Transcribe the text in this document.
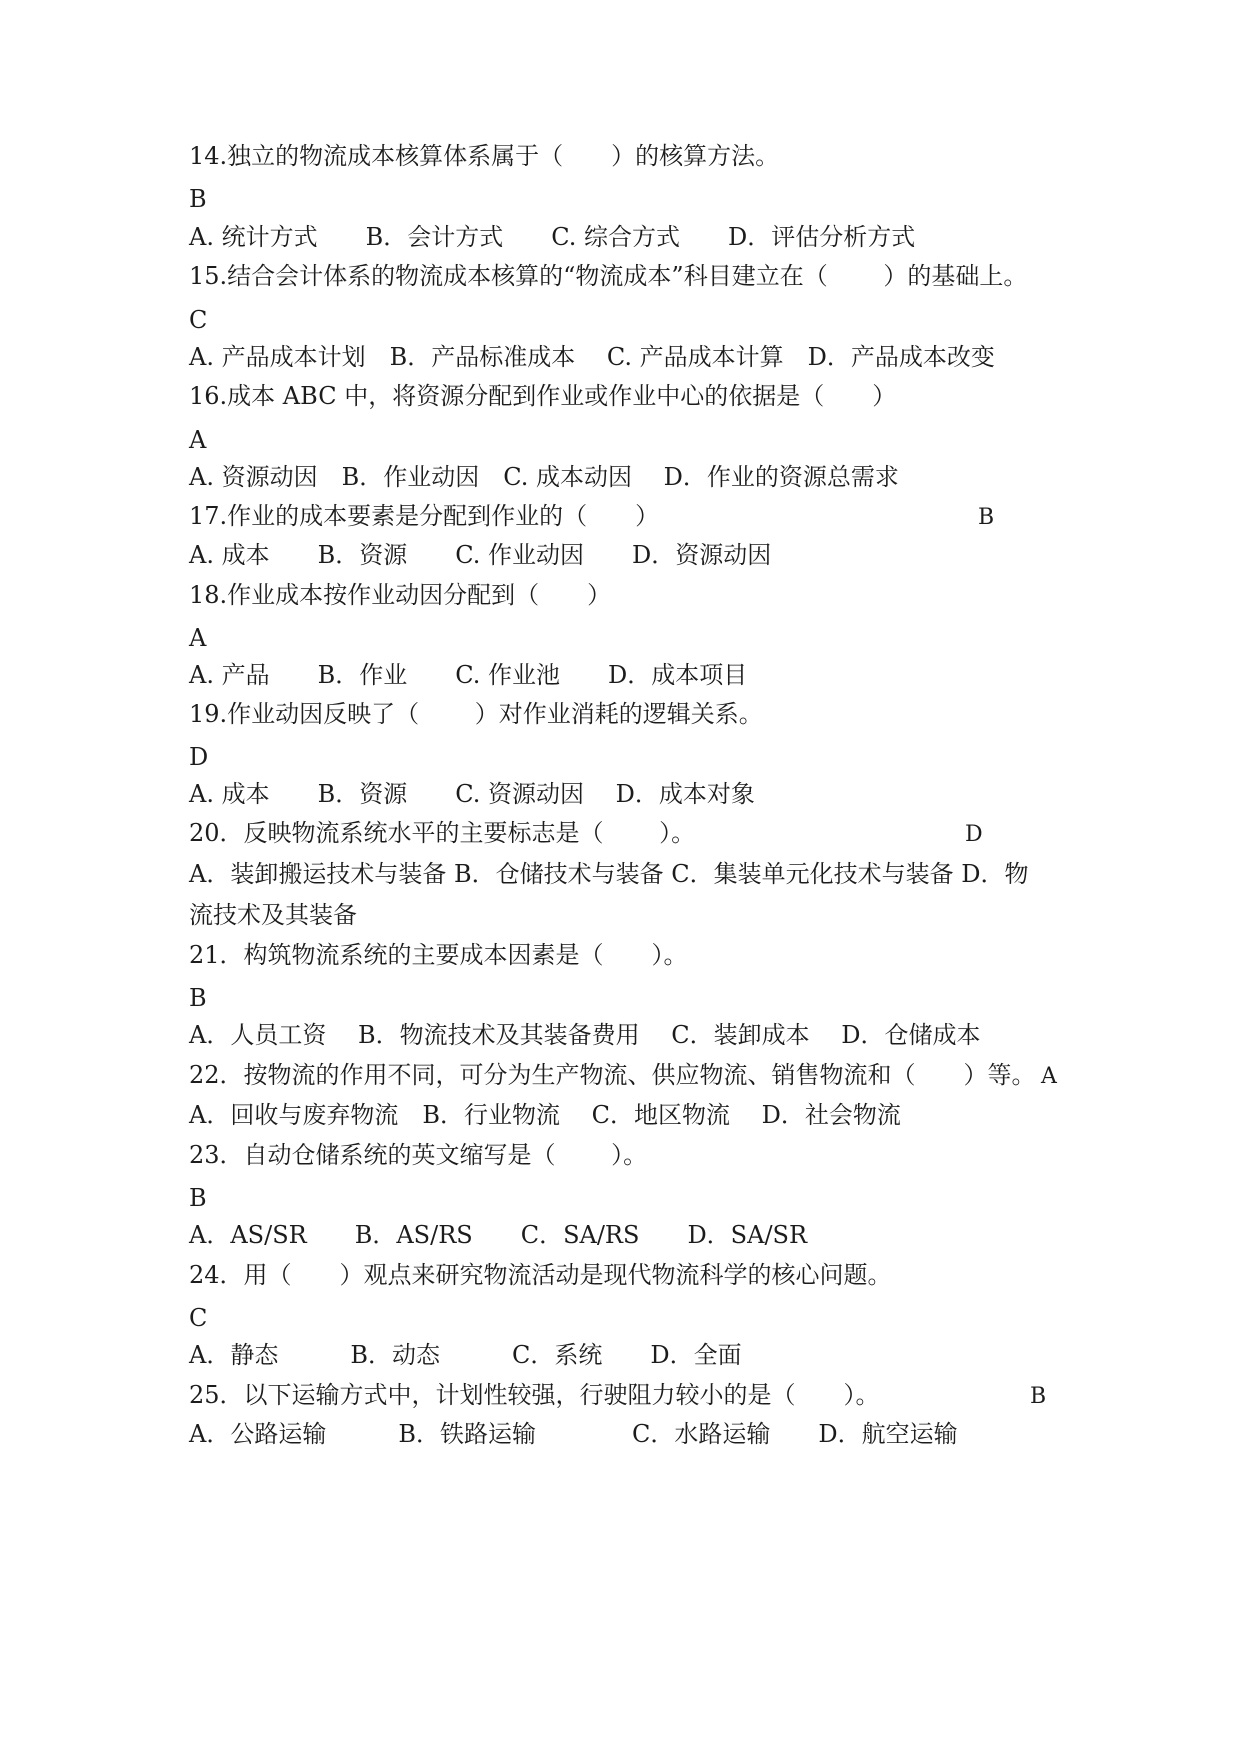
14.独立的物流成本核算体系属于（　　）的核算方法。

B

A. 统计方式　　B．会计方式　　C. 综合方式　　D．评估分析方式

15.结合会计体系的物流成本核算的“物流成本”科目建立在（　　 ）的基础上。

C

A. 产品成本计划　B．产品标准成本　 C. 产品成本计算　D．产品成本改变

16.成本 ABC 中，将资源分配到作业或作业中心的依据是（　　）

A

A. 资源动因　B．作业动因　C. 成本动因　 D．作业的资源总需求

17.作业的成本要素是分配到作业的（　　）	B

A. 成本　　B．资源　　C. 作业动因　　D．资源动因

18.作业成本按作业动因分配到（　　）

A

A. 产品　　B．作业　　C. 作业池　　D．成本项目

19.作业动因反映了（　　 ）对作业消耗的逻辑关系。

D

A. 成本　　B．资源　　C. 资源动因　 D．成本对象

20．反映物流系统水平的主要标志是（　　 ）。	D

A．装卸搬运技术与装备 B．仓储技术与装备 C．集装单元化技术与装备 D．物

流技术及其装备

21．构筑物流系统的主要成本因素是（　　）。

B

A．人员工资　 B．物流技术及其装备费用　 C．装卸成本　 D．仓储成本

22．按物流的作用不同，可分为生产物流、供应物流、销售物流和（　　）等。 A

A．回收与废弃物流　B．行业物流　 C．地区物流　 D．社会物流

23．自动仓储系统的英文缩写是（　　 ）。

B

A．AS/SR　　B．AS/RS　　C．SA/RS　　D．SA/SR

24．用（　　）观点来研究物流活动是现代物流科学的核心问题。

C

A．静态　　　B．动态　　　C．系统　　D．全面

25．以下运输方式中，计划性较强，行驶阻力较小的是（　　）。	B

A．公路运输　　　B．铁路运输　　　　C．水路运输　　D．航空运输
